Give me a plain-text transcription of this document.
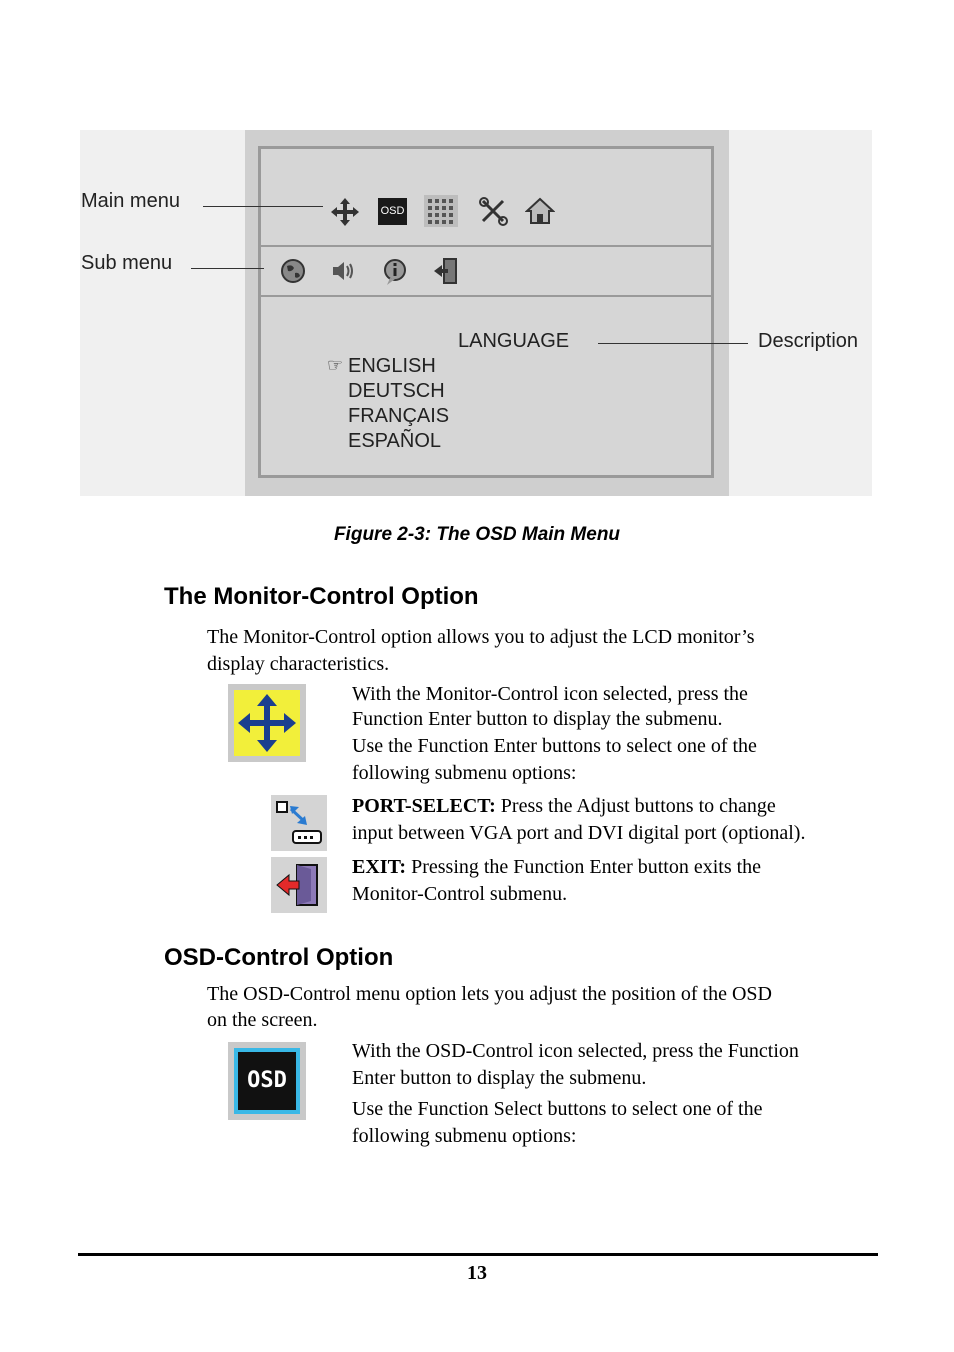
Main menu
Sub menu
Description
OSD
LANGUAGE
☞ ENGLISH
DEUTSCH
FRANÇAIS
ESPAÑOL
Figure 2-3: The OSD Main Menu
The Monitor-Control Option
The Monitor-Control option allows you to adjust the LCD monitor’s
display characteristics.
With the Monitor-Control icon selected, press the
Function Enter button to display the submenu.
Use the Function Enter buttons to select one of the
following submenu options:
PORT-SELECT: Press the Adjust buttons to change
input between VGA port and DVI digital port (optional).
EXIT: Pressing the Function Enter button exits the
Monitor-Control submenu.
OSD-Control Option
The OSD-Control menu option lets you adjust the position of the OSD
on the screen.
OSD
With the OSD-Control icon selected, press the Function
Enter button to display the submenu.
Use the Function Select buttons to select one of the
following submenu options:
13
